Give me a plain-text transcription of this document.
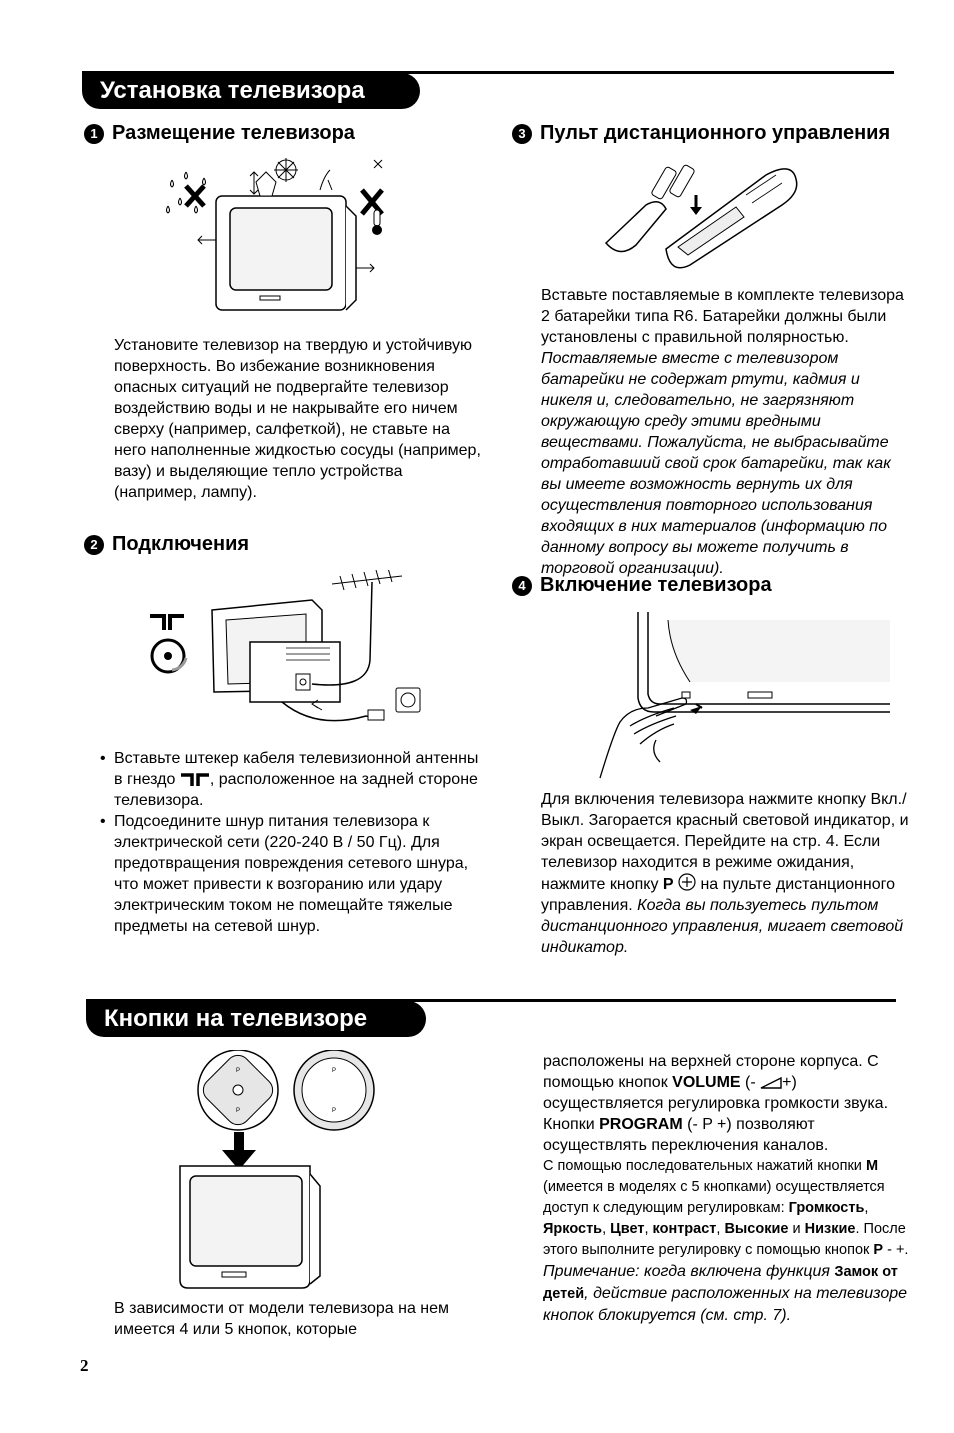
Установка телевизора
1 Размещение телевизора
Установите телевизор на твердую и устойчивую поверхность. Во избежание возникновения опасных ситуаций не подвергайте телевизор воздействию воды и не накрывайте его ничем сверху (например, салфеткой), не ставьте на него наполненные жидкостью сосуды (например, вазу) и выделяющие тепло устройства (например, лампу).
2 Подключения
• Вставьте штекер кабеля телевизионной антенны в гнездо , расположенное на задней стороне телевизора.
• Подсоедините шнур питания телевизора к электрической сети (220-240 В / 50 Гц). Для предотвращения повреждения сетевого шнура, что может привести к возгоранию или удару электрическим током не помещайте тяжелые предметы на сетевой шнур.
3 Пульт дистанционного управления

Вставьте поставляемые в комплекте телевизора 2 батарейки типа R6. Батарейки должны были установлены с правильной полярностью.

Поставляемые вместе с телевизором батарейки не содержат ртути, кадмия и никеля и, следовательно, не загрязняют окружающую среду этими вредными веществами. Пожалуйста, не выбрасывайте отработавший свой срок батарейки, так как вы имеете возможность вернуть их для осуществления повторного использования входящих в них материалов (информацию по данному вопросу вы можете получить в торговой организации).

4 Включение телевизора
Для включения телевизора нажмите кнопку Вкл./Выкл. Загорается красный световой индикатор, и экран освещается. Перейдите на стр. 4. Если телевизор находится в режиме ожидания, нажмите кнопку P  на пульте дистанционного управления. Когда вы пользуетесь пультом дистанционного управления, мигает световой индикатор.
Кнопки на телевизоре
P
P
P
P
В зависимости от модели телевизора на нем имеется 4 или 5 кнопок, которые
расположены на верхней стороне корпуса. С помощью кнопок VOLUME (- +) осуществляется регулировка громкости звука. Кнопки PROGRAM (- P +) позволяют осуществлять переключения каналов.

С помощью последовательных нажатий кнопки M (имеется в моделях с 5 кнопками) осуществляется доступ к следующим регулировкам: Громкость, Яркость, Цвет, контраст, Высокие и Низкие. После этого выполните регулировку с помощью кнопок P - +.

Примечание: когда включена функция Замок от детей, действие расположенных на телевизоре кнопок блокируется (см. стр. 7).

2
